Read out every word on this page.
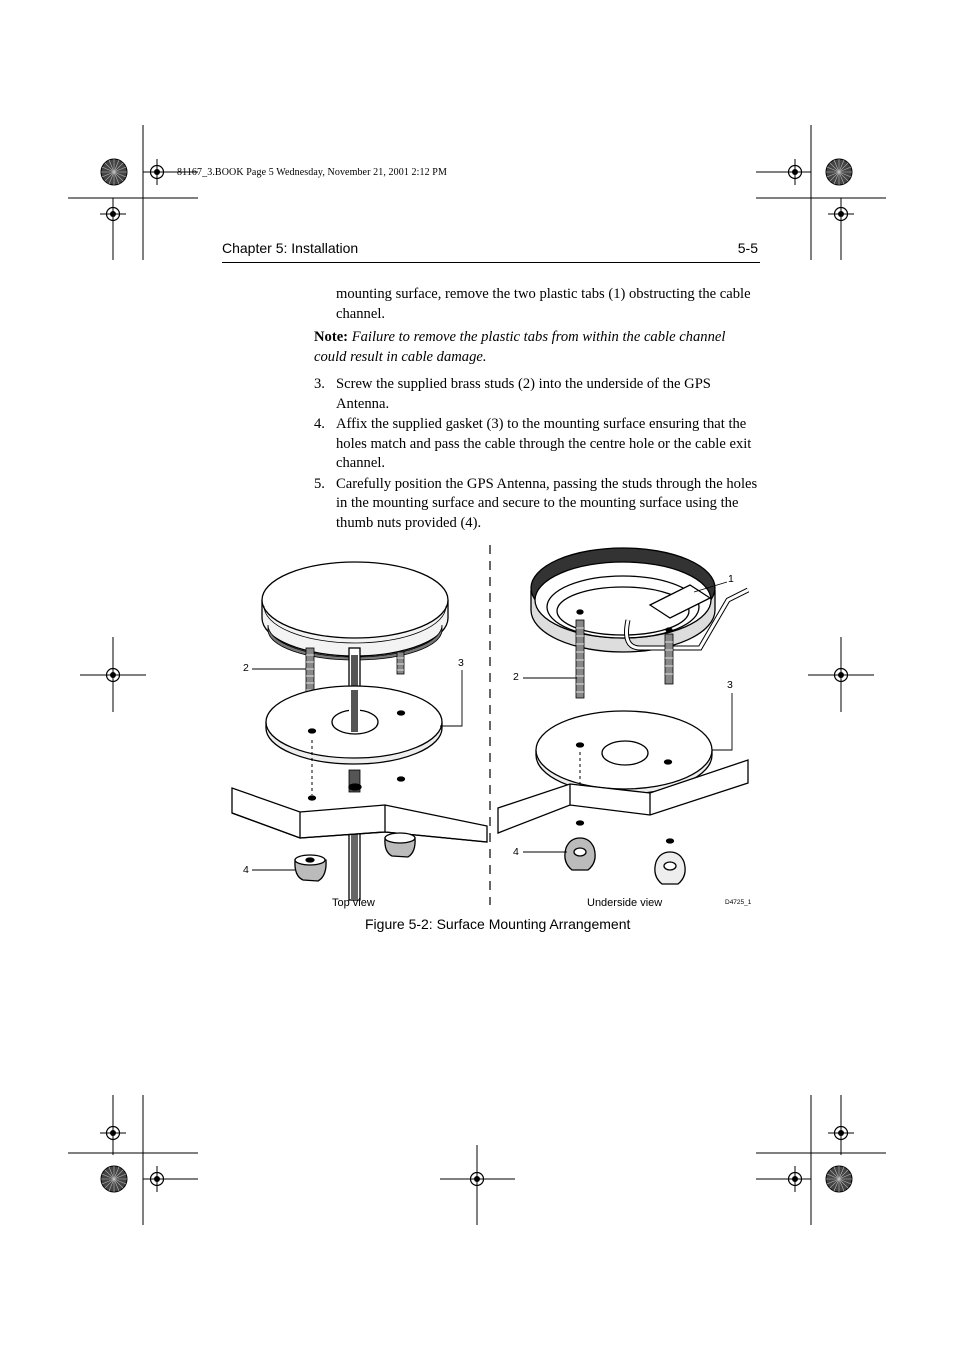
81167_3.BOOK Page 5 Wednesday, November 21, 2001 2:12 PM
Chapter 5: Installation	5-5
mounting surface, remove the two plastic tabs (1) obstructing the cable channel.
Note: Failure to remove the plastic tabs from within the cable channel could result in cable damage.
3. Screw the supplied brass studs (2) into the underside of the GPS Antenna.
4. Affix the supplied gasket (3) to the mounting surface ensuring that the holes match and pass the cable through the centre hole or the cable exit channel.
5. Carefully position the GPS Antenna, passing the studs through the holes in the mounting surface and secure to the mounting surface using the thumb nuts provided (4).
2	3
4
1
2
3
4
Top view	Underside view	D4725_1
Figure 5-2: Surface Mounting Arrangement
